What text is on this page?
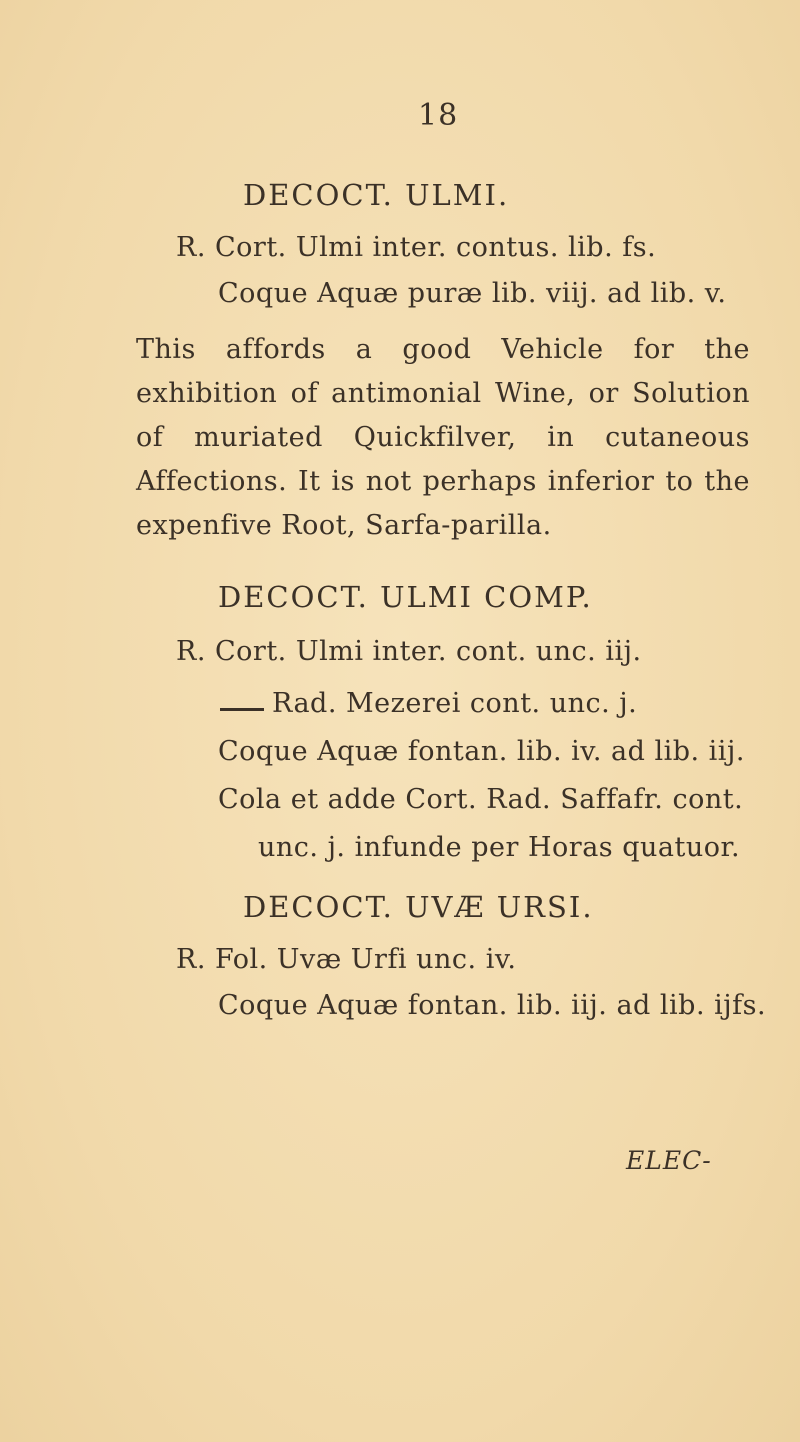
18
DECOCT. ULMI.
R. Cort. Ulmi inter. contus. lib. fs.
Coque Aquæ puræ lib. viij. ad lib. v.
This affords a good Vehicle for the exhibition of antimonial Wine, or Solution of muriated Quickfilver, in cutaneous Affections. It is not perhaps inferior to the expenfive Root, Sarfa-parilla.
DECOCT. ULMI COMP.
R. Cort. Ulmi inter. cont. unc. iij.
Rad. Mezerei cont. unc. j.
Coque Aquæ fontan. lib. iv. ad lib. iij.
Cola et adde Cort. Rad. Saffafr. cont.
unc. j. infunde per Horas quatuor.
DECOCT. UVÆ URSI.
R. Fol. Uvæ Urfi unc. iv.
Coque Aquæ fontan. lib. iij. ad lib. ijfs.
ELEC-
